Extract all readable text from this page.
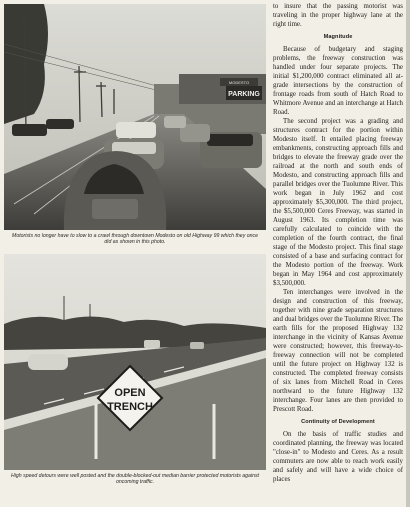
PARKING
MODESTO
Motorists no longer have to slow to a crawl through downtown Modesto on old Highway 99 which they once did as shown in this photo.
OPEN
TRENCH
High speed detours were well posted and the double-blocked-out median barrier protected motorists against oncoming traffic.

to insure that the passing motorist was traveling in the proper highway lane at the right time.

Magnitude

Because of budgetary and staging problems, the freeway construction was handled under four separate projects. The initial $1,200,000 contract eliminated all at-grade intersections by the construction of frontage roads from south of Hatch Road to Whitmore Avenue and an interchange at Hatch Road.

The second project was a grading and structures contract for the portion within Modesto itself. It entailed placing freeway embankments, constructing approach fills and bridges to elevate the freeway grade over the railroad at the north and south ends of Modesto, and constructing approach fills and parallel bridges over the Tuolumne River. This work began in July 1962 and cost approximately $5,300,000. The third project, the $5,500,000 Ceres Freeway, was started in August 1963. Its completion time was carefully calculated to coincide with the completion of the fourth contract, the final stage of the Modesto project. This final stage consisted of a base and surfacing contract for the Modesto portion of the freeway. Work began in May 1964 and cost approximately $3,500,000.

Ten interchanges were involved in the design and construction of this freeway, together with nine grade separation structures and dual bridges over the Tuolumne River. The earth fills for the proposed Highway 132 interchange in the vicinity of Kansas Avenue were constructed; however, this freeway-to-freeway connection will not be completed until the future project on Highway 132 is constructed. The completed freeway consists of six lanes from Mitchell Road in Ceres northward to the future Highway 132 interchange. Four lanes are then provided to Prescott Road.

Continuity of Development

On the basis of traffic studies and coordinated planning, the freeway was located "close-in" to Modesto and Ceres. As a result commuters are now able to reach work easily and safely and will have a wide choice of places
